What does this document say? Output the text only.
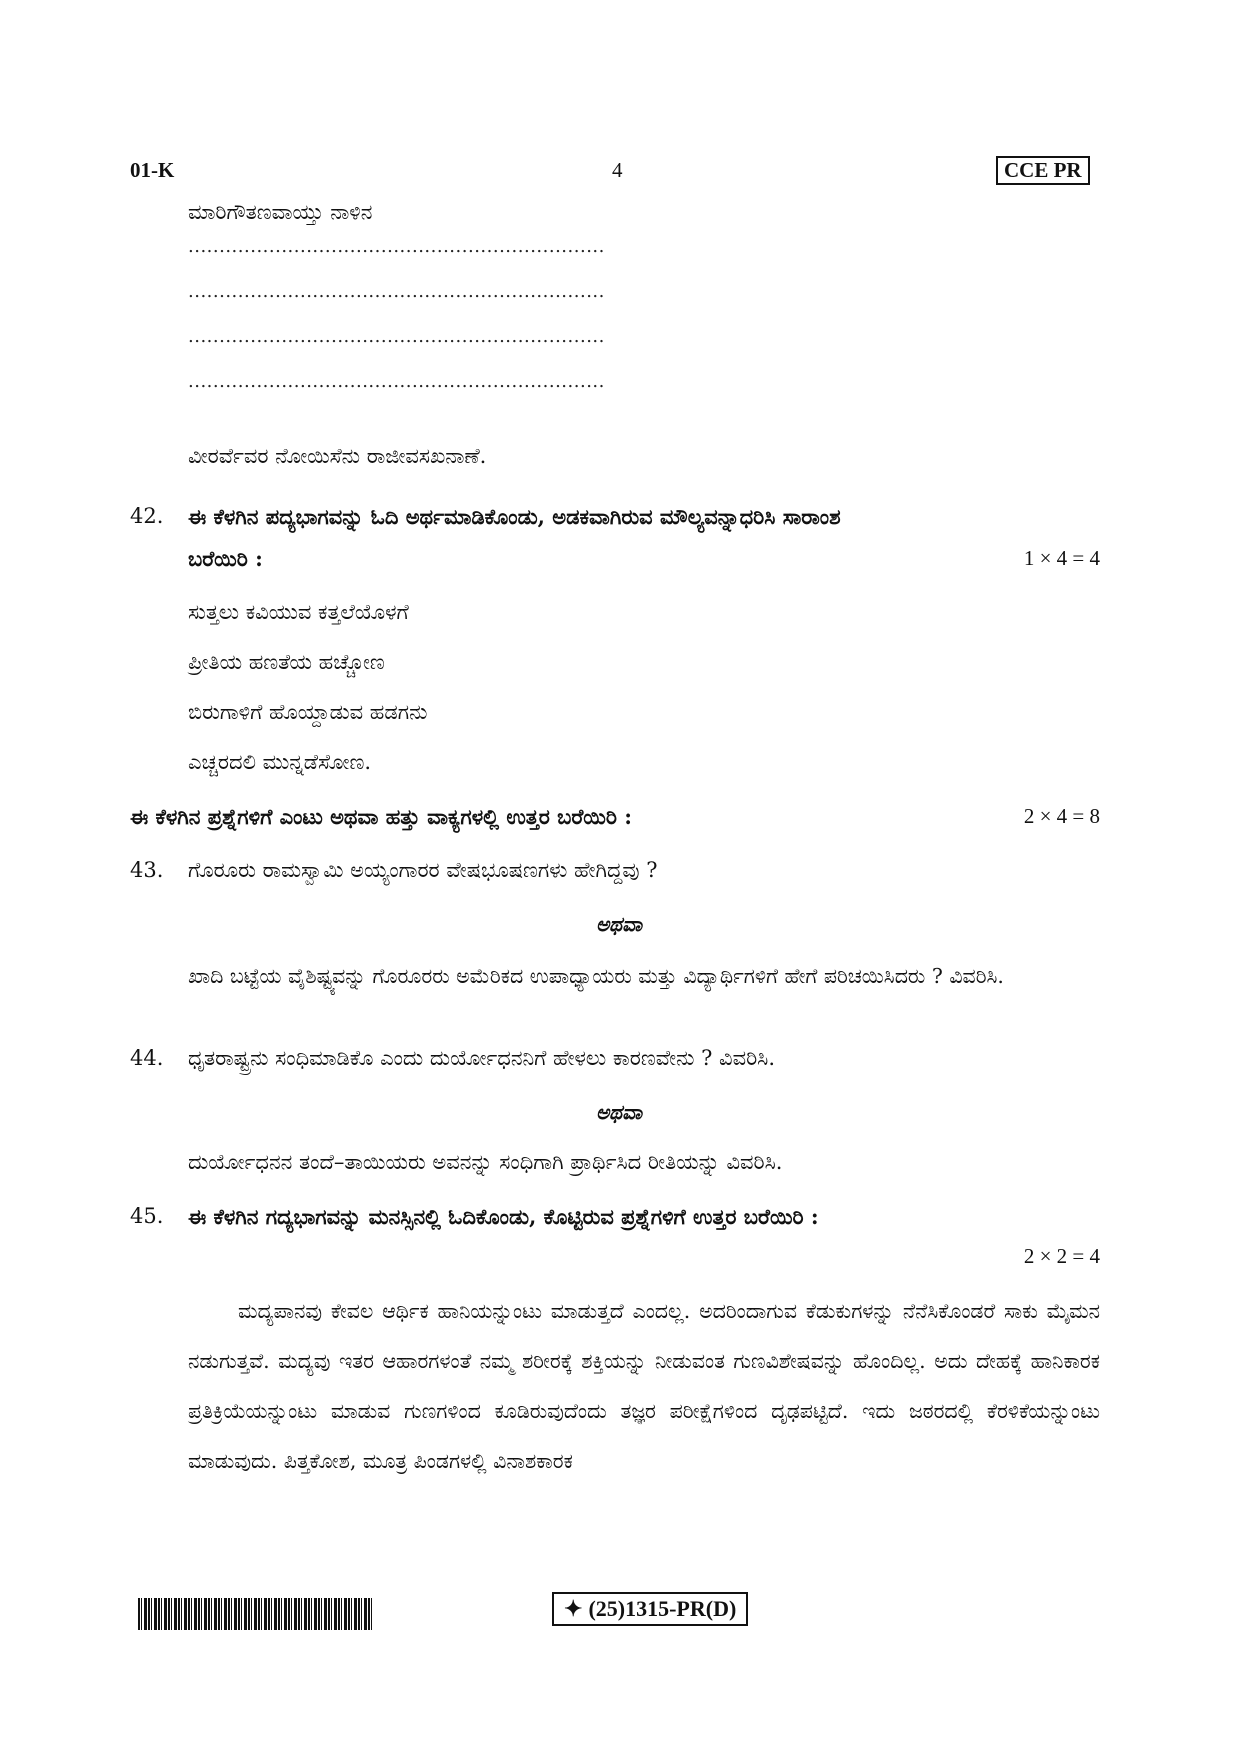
01-K	4	CCE PR
ಮಾರಿಗೌತಣವಾಯ್ತು ನಾಳಿನ
...................................................................
...................................................................
...................................................................
...................................................................
ವೀರರ್ವೆವರ ನೋಯಿಸೆನು ರಾಜೀವಸಖನಾಣೆ.
42. ಈ ಕೆಳಗಿನ ಪದ್ಯಭಾಗವನ್ನು ಓದಿ ಅರ್ಥಮಾಡಿಕೊಂಡು, ಅಡಕವಾಗಿರುವ ಮೌಲ್ಯವನ್ನಾಧರಿಸಿ ಸಾರಾಂಶ
ಬರೆಯಿರಿ :	1 × 4 = 4
ಸುತ್ತಲು ಕವಿಯುವ ಕತ್ತಲೆಯೊಳಗೆ
ಪ್ರೀತಿಯ ಹಣತೆಯ ಹಚ್ಚೋಣ
ಬಿರುಗಾಳಿಗೆ ಹೊಯ್ದಾಡುವ ಹಡಗನು
ಎಚ್ಚರದಲಿ ಮುನ್ನಡೆಸೋಣ.
ಈ ಕೆಳಗಿನ ಪ್ರಶ್ನೆಗಳಿಗೆ ಎಂಟು ಅಥವಾ ಹತ್ತು ವಾಕ್ಯಗಳಲ್ಲಿ ಉತ್ತರ ಬರೆಯಿರಿ :	2 × 4 = 8
43. ಗೊರೂರು ರಾಮಸ್ವಾಮಿ ಅಯ್ಯಂಗಾರರ ವೇಷಭೂಷಣಗಳು ಹೇಗಿದ್ದವು ?
ಅಥವಾ
ಖಾದಿ ಬಟ್ಟೆಯ ವೈಶಿಷ್ಟ್ಯವನ್ನು ಗೊರೂರರು ಅಮೆರಿಕದ ಉಪಾಧ್ಯಾಯರು ಮತ್ತು ವಿದ್ಯಾರ್ಥಿಗಳಿಗೆ ಹೇಗೆ ಪರಿಚಯಿಸಿದರು ? ವಿವರಿಸಿ.
44. ಧೃತರಾಷ್ಟ್ರನು ಸಂಧಿಮಾಡಿಕೊ ಎಂದು ದುರ್ಯೋಧನನಿಗೆ ಹೇಳಲು ಕಾರಣವೇನು ? ವಿವರಿಸಿ.
ಅಥವಾ
ದುರ್ಯೋಧನನ ತಂದೆ–ತಾಯಿಯರು ಅವನನ್ನು ಸಂಧಿಗಾಗಿ ಪ್ರಾರ್ಥಿಸಿದ ರೀತಿಯನ್ನು ವಿವರಿಸಿ.
45. ಈ ಕೆಳಗಿನ ಗದ್ಯಭಾಗವನ್ನು ಮನಸ್ಸಿನಲ್ಲಿ ಓದಿಕೊಂಡು, ಕೊಟ್ಟಿರುವ ಪ್ರಶ್ನೆಗಳಿಗೆ ಉತ್ತರ ಬರೆಯಿರಿ :
2 × 2 = 4
ಮದ್ಯಪಾನವು ಕೇವಲ ಆರ್ಥಿಕ ಹಾನಿಯನ್ನುಂಟು ಮಾಡುತ್ತದೆ ಎಂದಲ್ಲ. ಅದರಿಂದಾಗುವ ಕೆಡುಕುಗಳನ್ನು ನೆನೆಸಿಕೊಂಡರೆ ಸಾಕು ಮೈಮನ ನಡುಗುತ್ತವೆ. ಮದ್ಯವು ಇತರ ಆಹಾರಗಳಂತೆ ನಮ್ಮ ಶರೀರಕ್ಕೆ ಶಕ್ತಿಯನ್ನು ನೀಡುವಂತ ಗುಣವಿಶೇಷವನ್ನು ಹೊಂದಿಲ್ಲ. ಅದು ದೇಹಕ್ಕೆ ಹಾನಿಕಾರಕ ಪ್ರತಿಕ್ರಿಯೆಯನ್ನುಂಟು ಮಾಡುವ ಗುಣಗಳಿಂದ ಕೂಡಿರುವುದೆಂದು ತಜ್ಞರ ಪರೀಕ್ಷೆಗಳಿಂದ ದೃಢಪಟ್ಟಿದೆ. ಇದು ಜಠರದಲ್ಲಿ ಕೆರಳಿಕೆಯನ್ನುಂಟು ಮಾಡುವುದು. ಪಿತ್ತಕೋಶ, ಮೂತ್ರ ಪಿಂಡಗಳಲ್ಲಿ ವಿನಾಶಕಾರಕ
✦ (25)1315-PR(D)
